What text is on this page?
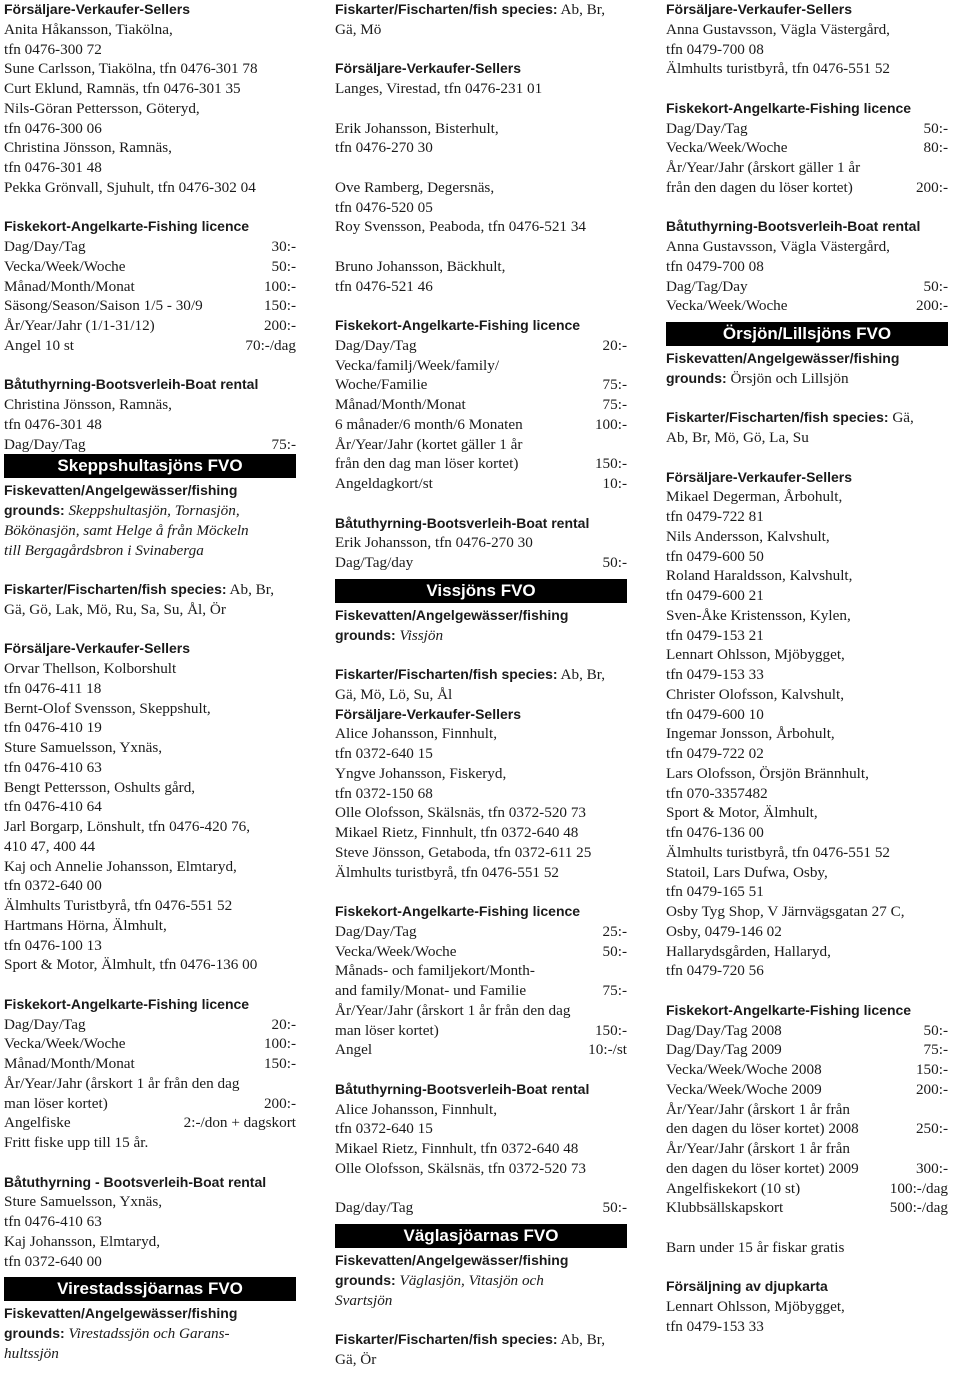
Försäljare-Verkaufer-Sellers
Anita Håkansson, Tiakölna,
tfn 0476-300 72
Sune Carlsson, Tiakölna, tfn 0476-301 78
Curt Eklund, Ramnäs, tfn 0476-301 35
Nils-Göran Pettersson, Göteryd,
tfn 0476-300 06
Christina Jönsson, Ramnäs,
tfn 0476-301 48
Pekka Grönvall, Sjuhult, tfn 0476-302 04
Fiskekort-Angelkarte-Fishing licence
Dag/Day/Tag	30:-
Vecka/Week/Woche	50:-
Månad/Month/Monat	100:-
Säsong/Season/Saison 1/5 - 30/9	150:-
År/Year/Jahr (1/1-31/12)	200:-
Angel 10 st	70:-/dag
Båtuthyrning-Bootsverleih-Boat rental
Christina Jönsson, Ramnäs,
tfn 0476-301 48
Dag/Day/Tag	75:-
Skeppshultasjöns FVO
Fiskevatten/Angelgewässer/fishing
grounds: Skeppshultasjön, Tornasjön,
Bökönasjön, samt Helge å från Möckeln
till Bergagårdsbron i Svinaberga
Fiskarter/Fischarten/fish species: Ab, Br,
Gä, Gö, Lak, Mö, Ru, Sa, Su, Ål, Ör
Försäljare-Verkaufer-Sellers
Orvar Thellson, Kolborshult
tfn 0476-411 18
Bernt-Olof Svensson, Skeppshult,
tfn 0476-410 19
Sture Samuelsson, Yxnäs,
tfn 0476-410 63
Bengt Pettersson, Oshults gård,
tfn 0476-410 64
Jarl Borgarp, Lönshult, tfn 0476-420 76,
410 47, 400 44
Kaj och Annelie Johansson, Elmtaryd,
tfn 0372-640 00
Älmhults Turistbyrå, tfn 0476-551 52
Hartmans Hörna, Älmhult,
tfn 0476-100 13
Sport & Motor, Älmhult, tfn 0476-136 00
Fiskekort-Angelkarte-Fishing licence
Dag/Day/Tag	20:-
Vecka/Week/Woche	100:-
Månad/Month/Monat	150:-
År/Year/Jahr (årskort 1 år från den dag
man löser kortet)	200:-
Angelfiske	2:-/don + dagskort
Fritt fiske upp till 15 år.
Båtuthyrning - Bootsverleih-Boat rental
Sture Samuelsson, Yxnäs,
tfn 0476-410 63
Kaj Johansson, Elmtaryd,
tfn 0372-640 00
Virestadssjöarnas FVO
Fiskevatten/Angelgewässer/fishing
grounds: Virestadssjön och Garans-
hultssjön
Fiskarter/Fischarten/fish species: Ab, Br,
Gä, Mö
Försäljare-Verkaufer-Sellers
Langes, Virestad, tfn 0476-231 01
Erik Johansson, Bisterhult,
tfn 0476-270 30
Ove Ramberg, Degersnäs,
tfn 0476-520 05
Roy Svensson, Peaboda, tfn 0476-521 34
Bruno Johansson, Bäckhult,
tfn 0476-521 46
Fiskekort-Angelkarte-Fishing licence
Dag/Day/Tag	20:-
Vecka/familj/Week/family/
Woche/Familie	75:-
Månad/Month/Monat	75:-
6 månader/6 month/6 Monaten	100:-
År/Year/Jahr (kortet gäller 1 år
från den dag man löser kortet)	150:-
Angeldagkort/st	10:-
Båtuthyrning-Bootsverleih-Boat rental
Erik Johansson, tfn 0476-270 30
Dag/Tag/day	50:-
Vissjöns FVO
Fiskevatten/Angelgewässer/fishing
grounds: Vissjön
Fiskarter/Fischarten/fish species: Ab, Br,
Gä, Mö, Lö, Su, Ål
Försäljare-Verkaufer-Sellers
Alice Johansson, Finnhult,
tfn 0372-640 15
Yngve Johansson, Fiskeryd,
tfn 0372-150 68
Olle Olofsson, Skälsnäs, tfn 0372-520 73
Mikael Rietz, Finnhult, tfn 0372-640 48
Steve Jönsson, Getaboda, tfn 0372-611 25
Älmhults turistbyrå, tfn 0476-551 52
Fiskekort-Angelkarte-Fishing licence
Dag/Day/Tag	25:-
Vecka/Week/Woche	50:-
Månads- och familjekort/Month-
and family/Monat- und Familie	75:-
År/Year/Jahr (årskort 1 år från den dag
man löser kortet)	150:-
Angel	10:-/st
Båtuthyrning-Bootsverleih-Boat rental
Alice Johansson, Finnhult,
tfn 0372-640 15
Mikael Rietz, Finnhult, tfn 0372-640 48
Olle Olofsson, Skälsnäs, tfn 0372-520 73
Dag/day/Tag	50:-
Väglasjöarnas FVO
Fiskevatten/Angelgewässer/fishing
grounds: Väglasjön, Vitasjön och
Svartsjön
Fiskarter/Fischarten/fish species: Ab, Br,
Gä, Ör
Försäljare-Verkaufer-Sellers
Anna Gustavsson, Vägla Västergård,
tfn 0479-700 08
Älmhults turistbyrå, tfn 0476-551 52
Fiskekort-Angelkarte-Fishing licence
Dag/Day/Tag	50:-
Vecka/Week/Woche	80:-
År/Year/Jahr (årskort gäller 1 år
från den dagen du löser kortet)	200:-
Båtuthyrning-Bootsverleih-Boat rental
Anna Gustavsson, Vägla Västergård,
tfn 0479-700 08
Dag/Tag/Day	50:-
Vecka/Week/Woche	200:-
Örsjön/Lillsjöns FVO
Fiskevatten/Angelgewässer/fishing
grounds: Örsjön och Lillsjön
Fiskarter/Fischarten/fish species: Gä,
Ab, Br, Mö, Gö, La, Su
Försäljare-Verkaufer-Sellers
Mikael Degerman, Årbohult,
tfn 0479-722 81
Nils Andersson, Kalvshult,
tfn 0479-600 50
Roland Haraldsson, Kalvshult,
tfn 0479-600 21
Sven-Åke Kristensson, Kylen,
tfn 0479-153 21
Lennart Ohlsson, Mjöbygget,
tfn 0479-153 33
Christer Olofsson, Kalvshult,
tfn 0479-600 10
Ingemar Jonsson, Årbohult,
tfn 0479-722 02
Lars Olofsson, Örsjön Brännhult,
tfn 070-3357482
Sport & Motor, Älmhult,
tfn 0476-136 00
Älmhults turistbyrå, tfn 0476-551 52
Statoil, Lars Dufwa, Osby,
tfn 0479-165 51
Osby Tyg Shop, V Järnvägsgatan 27 C,
Osby, 0479-146 02
Hallarydsgården, Hallaryd,
tfn 0479-720 56
Fiskekort-Angelkarte-Fishing licence
Dag/Day/Tag 2008	50:-
Dag/Day/Tag 2009	75:-
Vecka/Week/Woche 2008	150:-
Vecka/Week/Woche 2009	200:-
År/Year/Jahr (årskort 1 år från
den dagen du löser kortet) 2008	250:-
År/Year/Jahr (årskort 1 år från
den dagen du löser kortet) 2009	300:-
Angelfiskekort (10 st)	100:-/dag
Klubbsällskapskort	500:-/dag
Barn under 15 år fiskar gratis
Försäljning av djupkarta
Lennart Ohlsson, Mjöbygget,
tfn 0479-153 33
